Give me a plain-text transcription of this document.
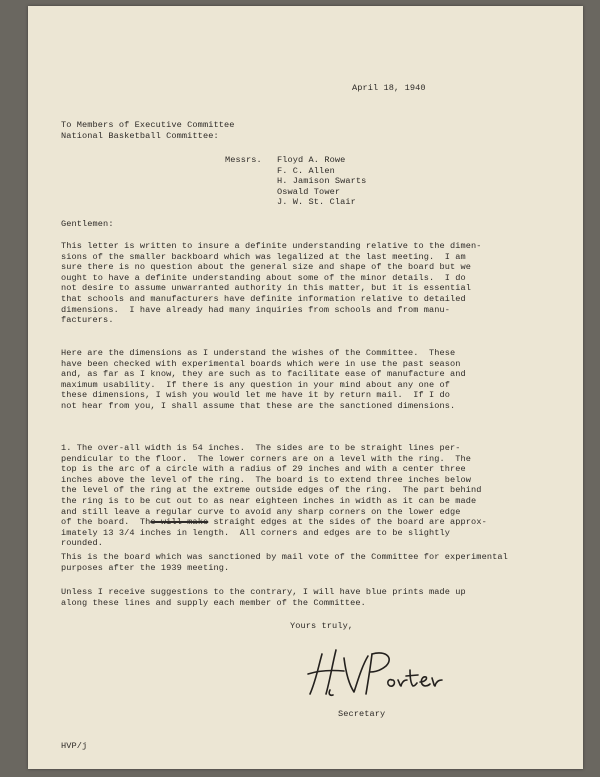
April 18, 1940
To Members of Executive Committee
National Basketball Committee:
Messrs. Floyd A. Rowe
F. C. Allen
H. Jamison Swarts
Oswald Tower
J. W. St. Clair
Gentlemen:
This letter is written to insure a definite understanding relative to the dimen-
sions of the smaller backboard which was legalized at the last meeting.  I am
sure there is no question about the general size and shape of the board but we
ought to have a definite understanding about some of the minor details.  I do
not desire to assume unwarranted authority in this matter, but it is essential
that schools and manufacturers have definite information relative to detailed
dimensions.  I have already had many inquiries from schools and from manu-
facturers.
Here are the dimensions as I understand the wishes of the Committee.  These
have been checked with experimental boards which were in use the past season
and, as far as I know, they are such as to facilitate ease of manufacture and
maximum usability.  If there is any question in your mind about any one of
these dimensions, I wish you would let me have it by return mail.  If I do
not hear from you, I shall assume that these are the sanctioned dimensions.
1. The over-all width is 54 inches.  The sides are to be straight lines per-
pendicular to the floor.  The lower corners are on a level with the ring.  The
top is the arc of a circle with a radius of 29 inches and with a center three
inches above the level of the ring.  The board is to extend three inches below
the level of the ring at the extreme outside edges of the ring.  The part behind
the ring is to be cut out to as near eighteen inches in width as it can be made
and still leave a regular curve to avoid any sharp corners on the lower edge
of the board.  The will make straight edges at the sides of the board are approx-
imately 13 3/4 inches in length.  All corners and edges are to be slightly
rounded.
This is the board which was sanctioned by mail vote of the Committee for experimental
purposes after the 1939 meeting.
Unless I receive suggestions to the contrary, I will have blue prints made up
along these lines and supply each member of the Committee.
Yours truly,
Secretary
HVP/j
